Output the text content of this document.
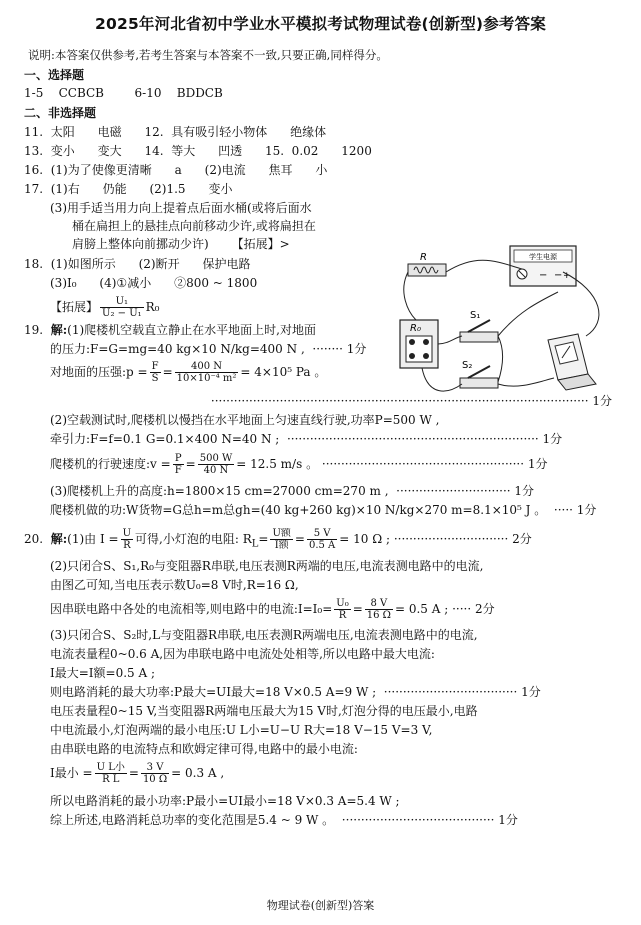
2025年河北省初中学业水平模拟考试物理试卷(创新型)参考答案
说明:本答案仅供参考,若考生答案与本答案不一致,只要正确,同样得分。
一、选择题
1-5 CCBCB	6-10 BDDCB
二、非选择题
11.  太阳      电磁      12.  具有吸引轻小物体      绝缘体
13.  变小      变大      14.  等大      凹透      15.  0.02      1200
16.  (1)为了使像更清晰      a      (2)电流      焦耳      小
17.  (1)右      仍能      (2)1.5      变小
(3)用手适当用力向上提着点后面水桶(或将后面水
桶在扁担上的悬挂点向前移动少许,或将扁担在
肩膀上整体向前挪动少许)      【拓展】>
18.  (1)如图所示      (2)断开      保护电路
(3)I₀      (4)①减小      ②800 ~ 1800
【拓展】 $\frac{\text{U₁}}{\text{U₂ − U₁}} R_0$
学生电源
− − +
R
R₀
S₁
S₂
19. 解:(1)爬楼机空载直立静止在水平地面上时,对地面
的压力:F=G=mg=40 kg×10 N/kg=400 N ,  ········ 1分
对地面的压强:p = $\frac{F}{S} = \frac{400 N}{\text{10×10⁻⁴ m²}} = 4\times 10^5$ Pa 。
··································································································· 1分
(2)空载测试时,爬楼机以慢挡在水平地面上匀速直线行驶,功率P=500 W ,
牵引力:F=f=0.1 G=0.1×400 N=40 N ;  ·································································· 1分
爬楼机的行驶速度:v = $\frac{P}{F} = \frac{500 W}{40 N} = 12.5$ m/s 。 ····················································· 1分
(3)爬楼机上升的高度:h=1800×15 cm=27000 cm=270 m ,  ······························ 1分
爬楼机做的功:W货物=G总h=m总gh=(40 kg+260 kg)×10 N/kg×270 m=8.1×10⁵ J 。  ····· 1分
20. 解:(1)由 $I = \frac{U}{R}$ 可得,小灯泡的电阻: $R_L= \frac{\text{U额}}{\text{I额}} = \frac{5 V}{0.5 A} = 10$ Ω ; ······························ 2分
(2)只闭合S、S₁,R₀与变阻器R串联,电压表测R两端的电压,电流表测电路中的电流,
由图乙可知,当电压表示数U₀=8 V时,R=16 Ω,
因串联电路中各处的电流相等,则电路中的电流:I=I₀= $\frac{\text{U₀}}{R} = \frac{8 V}{16 \Omega} = 0.5$ A ; ····· 2分
(3)只闭合S、S₂时,L与变阻器R串联,电压表测R两端电压,电流表测电路中的电流,
电流表量程0~0.6 A,因为串联电路中电流处处相等,所以电路中最大电流:
I最大=I额=0.5 A ;
则电路消耗的最大功率:P最大=UI最大=18 V×0.5 A=9 W ;  ··································· 1分
电压表量程0~15 V,当变阻器R两端电压最大为15 V时,灯泡分得的电压最小,电路
中电流最小,灯泡两端的最小电压:U L小=U−U R大=18 V−15 V=3 V,
由串联电路的电流特点和欧姆定律可得,电路中的最小电流:
I最小 = $\frac{\text{U L小}}{\text{R L}} = \frac{3 V}{10 \Omega} = 0.3$ A ,
所以电路消耗的最小功率:P最小=UI最小=18 V×0.3 A=5.4 W ;
综上所述,电路消耗总功率的变化范围是5.4 ~ 9 W 。  ········································ 1分
物理试卷(创新型)答案
